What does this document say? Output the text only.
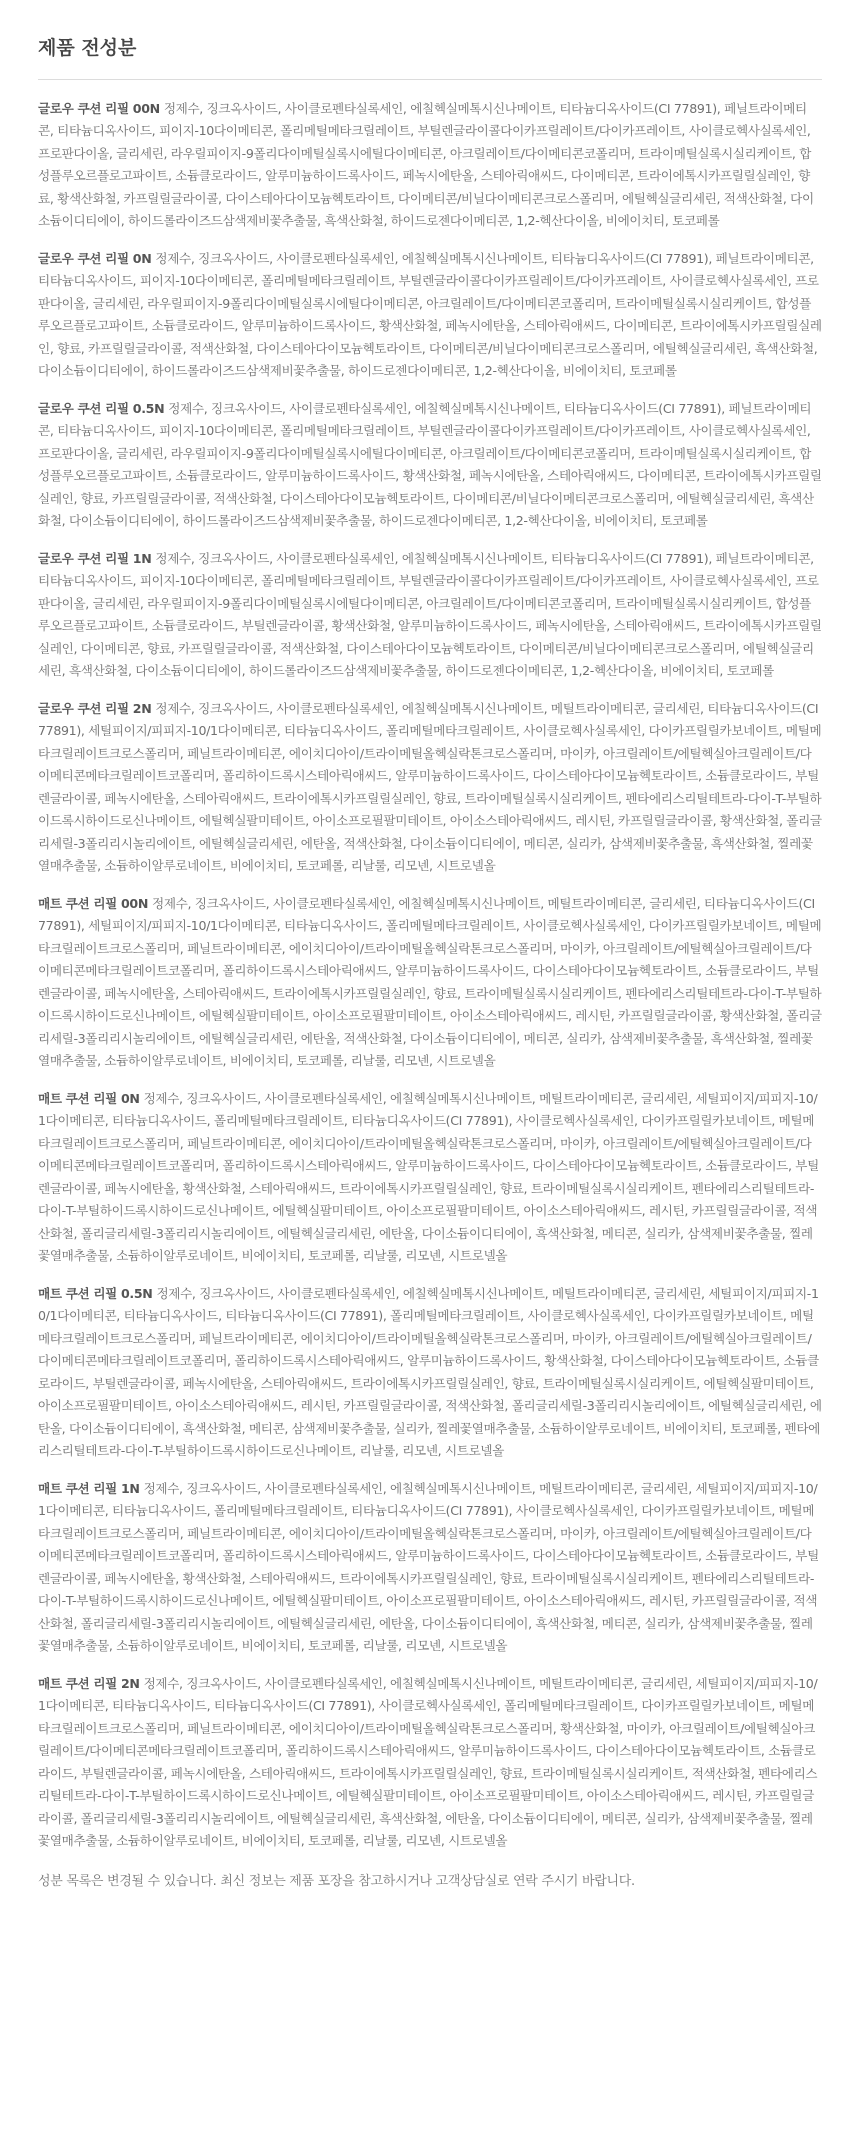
제품 전성분

글로우 쿠션 리필 00N 정제수, 징크옥사이드, 사이클로펜타실록세인, 에칠헥실메톡시신나메이트, 티타늄디옥사이드(CI 77891), 페닐트라이메티콘, 티타늄디옥사이드, 피이지-10다이메티콘, 폴리메틸메타크릴레이트, 부틸렌글라이콜다이카프릴레이트/다이카프레이트, 사이클로헥사실록세인, 프로판다이올, 글리세린, 라우릴피이지-9폴리다이메틸실록시에틸다이메티콘, 아크릴레이트/다이메티콘코폴리머, 트라이메틸실록시실리케이트, 합성플루오르플로고파이트, 소듐클로라이드, 알루미늄하이드록사이드, 페녹시에탄올, 스테아릭애씨드, 다이메티콘, 트라이에톡시카프릴릴실레인, 향료, 황색산화철, 카프릴릴글라이콜, 다이스테아다이모늄헥토라이트, 다이메티콘/비닐다이메티콘크로스폴리머, 에틸헥실글리세린, 적색산화철, 다이소듐이디티에이, 하이드롤라이즈드삼색제비꽃추출물, 흑색산화철, 하이드로젠다이메티콘, 1,2-헥산다이올, 비에이치티, 토코페롤

글로우 쿠션 리필 0N 정제수, 징크옥사이드, 사이클로펜타실록세인, 에칠헥실메톡시신나메이트, 티타늄디옥사이드(CI 77891), 페닐트라이메티콘, 티타늄디옥사이드, 피이지-10다이메티콘, 폴리메틸메타크릴레이트, 부틸렌글라이콜다이카프릴레이트/다이카프레이트, 사이클로헥사실록세인, 프로판다이올, 글리세린, 라우릴피이지-9폴리다이메틸실록시에틸다이메티콘, 아크릴레이트/다이메티콘코폴리머, 트라이메틸실록시실리케이트, 합성플루오르플로고파이트, 소듐클로라이드, 알루미늄하이드록사이드, 황색산화철, 페녹시에탄올, 스테아릭애씨드, 다이메티콘, 트라이에톡시카프릴릴실레인, 향료, 카프릴릴글라이콜, 적색산화철, 다이스테아다이모늄헥토라이트, 다이메티콘/비닐다이메티콘크로스폴리머, 에틸헥실글리세린, 흑색산화철, 다이소듐이디티에이, 하이드롤라이즈드삼색제비꽃추출물, 하이드로젠다이메티콘, 1,2-헥산다이올, 비에이치티, 토코페롤

글로우 쿠션 리필 0.5N 정제수, 징크옥사이드, 사이클로펜타실록세인, 에칠헥실메톡시신나메이트, 티타늄디옥사이드(CI 77891), 페닐트라이메티콘, 티타늄디옥사이드, 피이지-10다이메티콘, 폴리메틸메타크릴레이트, 부틸렌글라이콜다이카프릴레이트/다이카프레이트, 사이클로헥사실록세인, 프로판다이올, 글리세린, 라우릴피이지-9폴리다이메틸실록시에틸다이메티콘, 아크릴레이트/다이메티콘코폴리머, 트라이메틸실록시실리케이트, 합성플루오르플로고파이트, 소듐클로라이드, 알루미늄하이드록사이드, 황색산화철, 페녹시에탄올, 스테아릭애씨드, 다이메티콘, 트라이에톡시카프릴릴실레인, 향료, 카프릴릴글라이콜, 적색산화철, 다이스테아다이모늄헥토라이트, 다이메티콘/비닐다이메티콘크로스폴리머, 에틸헥실글리세린, 흑색산화철, 다이소듐이디티에이, 하이드롤라이즈드삼색제비꽃추출물, 하이드로젠다이메티콘, 1,2-헥산다이올, 비에이치티, 토코페롤

글로우 쿠션 리필 1N 정제수, 징크옥사이드, 사이클로펜타실록세인, 에칠헥실메톡시신나메이트, 티타늄디옥사이드(CI 77891), 페닐트라이메티콘, 티타늄디옥사이드, 피이지-10다이메티콘, 폴리메틸메타크릴레이트, 부틸렌글라이콜다이카프릴레이트/다이카프레이트, 사이클로헥사실록세인, 프로판다이올, 글리세린, 라우릴피이지-9폴리다이메틸실록시에틸다이메티콘, 아크릴레이트/다이메티콘코폴리머, 트라이메틸실록시실리케이트, 합성플루오르플로고파이트, 소듐클로라이드, 부틸렌글라이콜, 황색산화철, 알루미늄하이드록사이드, 페녹시에탄올, 스테아릭애씨드, 트라이에톡시카프릴릴실레인, 다이메티콘, 향료, 카프릴릴글라이콜, 적색산화철, 다이스테아다이모늄헥토라이트, 다이메티콘/비닐다이메티콘크로스폴리머, 에틸헥실글리세린, 흑색산화철, 다이소듐이디티에이, 하이드롤라이즈드삼색제비꽃추출물, 하이드로젠다이메티콘, 1,2-헥산다이올, 비에이치티, 토코페롤

글로우 쿠션 리필 2N 정제수, 징크옥사이드, 사이클로펜타실록세인, 에칠헥실메톡시신나메이트, 메틸트라이메티콘, 글리세린, 티타늄디옥사이드(CI 77891), 세틸피이지/피피지-10/1다이메티콘, 티타늄디옥사이드, 폴리메틸메타크릴레이트, 사이클로헥사실록세인, 다이카프릴릴카보네이트, 메틸메타크릴레이트크로스폴리머, 페닐트라이메티콘, 에이치디아이/트라이메틸올헥실락톤크로스폴리머, 마이카, 아크릴레이트/에틸헥실아크릴레이트/다이메티콘메타크릴레이트코폴리머, 폴리하이드록시스테아릭애씨드, 알루미늄하이드록사이드, 다이스테아다이모늄헥토라이트, 소듐클로라이드, 부틸렌글라이콜, 페녹시에탄올, 스테아릭애씨드, 트라이에톡시카프릴릴실레인, 향료, 트라이메틸실록시실리케이트, 펜타에리스리틸테트라-다이-T-부틸하이드록시하이드로신나메이트, 에틸헥실팔미테이트, 아이소프로필팔미테이트, 아이소스테아릭애씨드, 레시틴, 카프릴릴글라이콜, 황색산화철, 폴리글리세릴-3폴리리시놀리에이트, 에틸헥실글리세린, 에탄올, 적색산화철, 다이소듐이디티에이, 메티콘, 실리카, 삼색제비꽃추출물, 흑색산화철, 찔레꽃열매추출물, 소듐하이알루로네이트, 비에이치티, 토코페롤, 리날룰, 리모넨, 시트로넬올

매트 쿠션 리필 00N 정제수, 징크옥사이드, 사이클로펜타실록세인, 에칠헥실메톡시신나메이트, 메틸트라이메티콘, 글리세린, 티타늄디옥사이드(CI 77891), 세틸피이지/피피지-10/1다이메티콘, 티타늄디옥사이드, 폴리메틸메타크릴레이트, 사이클로헥사실록세인, 다이카프릴릴카보네이트, 메틸메타크릴레이트크로스폴리머, 페닐트라이메티콘, 에이치디아이/트라이메틸올헥실락톤크로스폴리머, 마이카, 아크릴레이트/에틸헥실아크릴레이트/다이메티콘메타크릴레이트코폴리머, 폴리하이드록시스테아릭애씨드, 알루미늄하이드록사이드, 다이스테아다이모늄헥토라이트, 소듐클로라이드, 부틸렌글라이콜, 페녹시에탄올, 스테아릭애씨드, 트라이에톡시카프릴릴실레인, 향료, 트라이메틸실록시실리케이트, 펜타에리스리틸테트라-다이-T-부틸하이드록시하이드로신나메이트, 에틸헥실팔미테이트, 아이소프로필팔미테이트, 아이소스테아릭애씨드, 레시틴, 카프릴릴글라이콜, 황색산화철, 폴리글리세릴-3폴리리시놀리에이트, 에틸헥실글리세린, 에탄올, 적색산화철, 다이소듐이디티에이, 메티콘, 실리카, 삼색제비꽃추출물, 흑색산화철, 찔레꽃열매추출물, 소듐하이알루로네이트, 비에이치티, 토코페롤, 리날룰, 리모넨, 시트로넬올

매트 쿠션 리필 0N 정제수, 징크옥사이드, 사이클로펜타실록세인, 에칠헥실메톡시신나메이트, 메틸트라이메티콘, 글리세린, 세틸피이지/피피지-10/1다이메티콘, 티타늄디옥사이드, 폴리메틸메타크릴레이트, 티타늄디옥사이드(CI 77891), 사이클로헥사실록세인, 다이카프릴릴카보네이트, 메틸메타크릴레이트크로스폴리머, 페닐트라이메티콘, 에이치디아이/트라이메틸올헥실락톤크로스폴리머, 마이카, 아크릴레이트/에틸헥실아크릴레이트/다이메티콘메타크릴레이트코폴리머, 폴리하이드록시스테아릭애씨드, 알루미늄하이드록사이드, 다이스테아다이모늄헥토라이트, 소듐클로라이드, 부틸렌글라이콜, 페녹시에탄올, 황색산화철, 스테아릭애씨드, 트라이에톡시카프릴릴실레인, 향료, 트라이메틸실록시실리케이트, 펜타에리스리틸테트라-다이-T-부틸하이드록시하이드로신나메이트, 에틸헥실팔미테이트, 아이소프로필팔미테이트, 아이소스테아릭애씨드, 레시틴, 카프릴릴글라이콜, 적색산화철, 폴리글리세릴-3폴리리시놀리에이트, 에틸헥실글리세린, 에탄올, 다이소듐이디티에이, 흑색산화철, 메티콘, 실리카, 삼색제비꽃추출물, 찔레꽃열매추출물, 소듐하이알루로네이트, 비에이치티, 토코페롤, 리날룰, 리모넨, 시트로넬올

매트 쿠션 리필 0.5N 정제수, 징크옥사이드, 사이클로펜타실록세인, 에칠헥실메톡시신나메이트, 메틸트라이메티콘, 글리세린, 세틸피이지/피피지-10/1다이메티콘, 티타늄디옥사이드, 티타늄디옥사이드(CI 77891), 폴리메틸메타크릴레이트, 사이클로헥사실록세인, 다이카프릴릴카보네이트, 메틸메타크릴레이트크로스폴리머, 페닐트라이메티콘, 에이치디아이/트라이메틸올헥실락톤크로스폴리머, 마이카, 아크릴레이트/에틸헥실아크릴레이트/다이메티콘메타크릴레이트코폴리머, 폴리하이드록시스테아릭애씨드, 알루미늄하이드록사이드, 황색산화철, 다이스테아다이모늄헥토라이트, 소듐클로라이드, 부틸렌글라이콜, 페녹시에탄올, 스테아릭애씨드, 트라이에톡시카프릴릴실레인, 향료, 트라이메틸실록시실리케이트, 에틸헥실팔미테이트, 아이소프로필팔미테이트, 아이소스테아릭애씨드, 레시틴, 카프릴릴글라이콜, 적색산화철, 폴리글리세릴-3폴리리시놀리에이트, 에틸헥실글리세린, 에탄올, 다이소듐이디티에이, 흑색산화철, 메티콘, 삼색제비꽃추출물, 실리카, 찔레꽃열매추출물, 소듐하이알루로네이트, 비에이치티, 토코페롤, 펜타에리스리틸테트라-다이-T-부틸하이드록시하이드로신나메이트, 리날룰, 리모넨, 시트로넬올

매트 쿠션 리필 1N 정제수, 징크옥사이드, 사이클로펜타실록세인, 에칠헥실메톡시신나메이트, 메틸트라이메티콘, 글리세린, 세틸피이지/피피지-10/1다이메티콘, 티타늄디옥사이드, 폴리메틸메타크릴레이트, 티타늄디옥사이드(CI 77891), 사이클로헥사실록세인, 다이카프릴릴카보네이트, 메틸메타크릴레이트크로스폴리머, 페닐트라이메티콘, 에이치디아이/트라이메틸올헥실락톤크로스폴리머, 마이카, 아크릴레이트/에틸헥실아크릴레이트/다이메티콘메타크릴레이트코폴리머, 폴리하이드록시스테아릭애씨드, 알루미늄하이드록사이드, 다이스테아다이모늄헥토라이트, 소듐클로라이드, 부틸렌글라이콜, 페녹시에탄올, 황색산화철, 스테아릭애씨드, 트라이에톡시카프릴릴실레인, 향료, 트라이메틸실록시실리케이트, 펜타에리스리틸테트라-다이-T-부틸하이드록시하이드로신나메이트, 에틸헥실팔미테이트, 아이소프로필팔미테이트, 아이소스테아릭애씨드, 레시틴, 카프릴릴글라이콜, 적색산화철, 폴리글리세릴-3폴리리시놀리에이트, 에틸헥실글리세린, 에탄올, 다이소듐이디티에이, 흑색산화철, 메티콘, 실리카, 삼색제비꽃추출물, 찔레꽃열매추출물, 소듐하이알루로네이트, 비에이치티, 토코페롤, 리날룰, 리모넨, 시트로넬올

매트 쿠션 리필 2N 정제수, 징크옥사이드, 사이클로펜타실록세인, 에칠헥실메톡시신나메이트, 메틸트라이메티콘, 글리세린, 세틸피이지/피피지-10/1다이메티콘, 티타늄디옥사이드, 티타늄디옥사이드(CI 77891), 사이클로헥사실록세인, 폴리메틸메타크릴레이트, 다이카프릴릴카보네이트, 메틸메타크릴레이트크로스폴리머, 페닐트라이메티콘, 에이치디아이/트라이메틸올헥실락톤크로스폴리머, 황색산화철, 마이카, 아크릴레이트/에틸헥실아크릴레이트/다이메티콘메타크릴레이트코폴리머, 폴리하이드록시스테아릭애씨드, 알루미늄하이드록사이드, 다이스테아다이모늄헥토라이트, 소듐클로라이드, 부틸렌글라이콜, 페녹시에탄올, 스테아릭애씨드, 트라이에톡시카프릴릴실레인, 향료, 트라이메틸실록시실리케이트, 적색산화철, 펜타에리스리틸테트라-다이-T-부틸하이드록시하이드로신나메이트, 에틸헥실팔미테이트, 아이소프로필팔미테이트, 아이소스테아릭애씨드, 레시틴, 카프릴릴글라이콜, 폴리글리세릴-3폴리리시놀리에이트, 에틸헥실글리세린, 흑색산화철, 에탄올, 다이소듐이디티에이, 메티콘, 실리카, 삼색제비꽃추출물, 찔레꽃열매추출물, 소듐하이알루로네이트, 비에이치티, 토코페롤, 리날룰, 리모넨, 시트로넬올

성분 목록은 변경될 수 있습니다. 최신 정보는 제품 포장을 참고하시거나 고객상담실로 연락 주시기 바랍니다.
